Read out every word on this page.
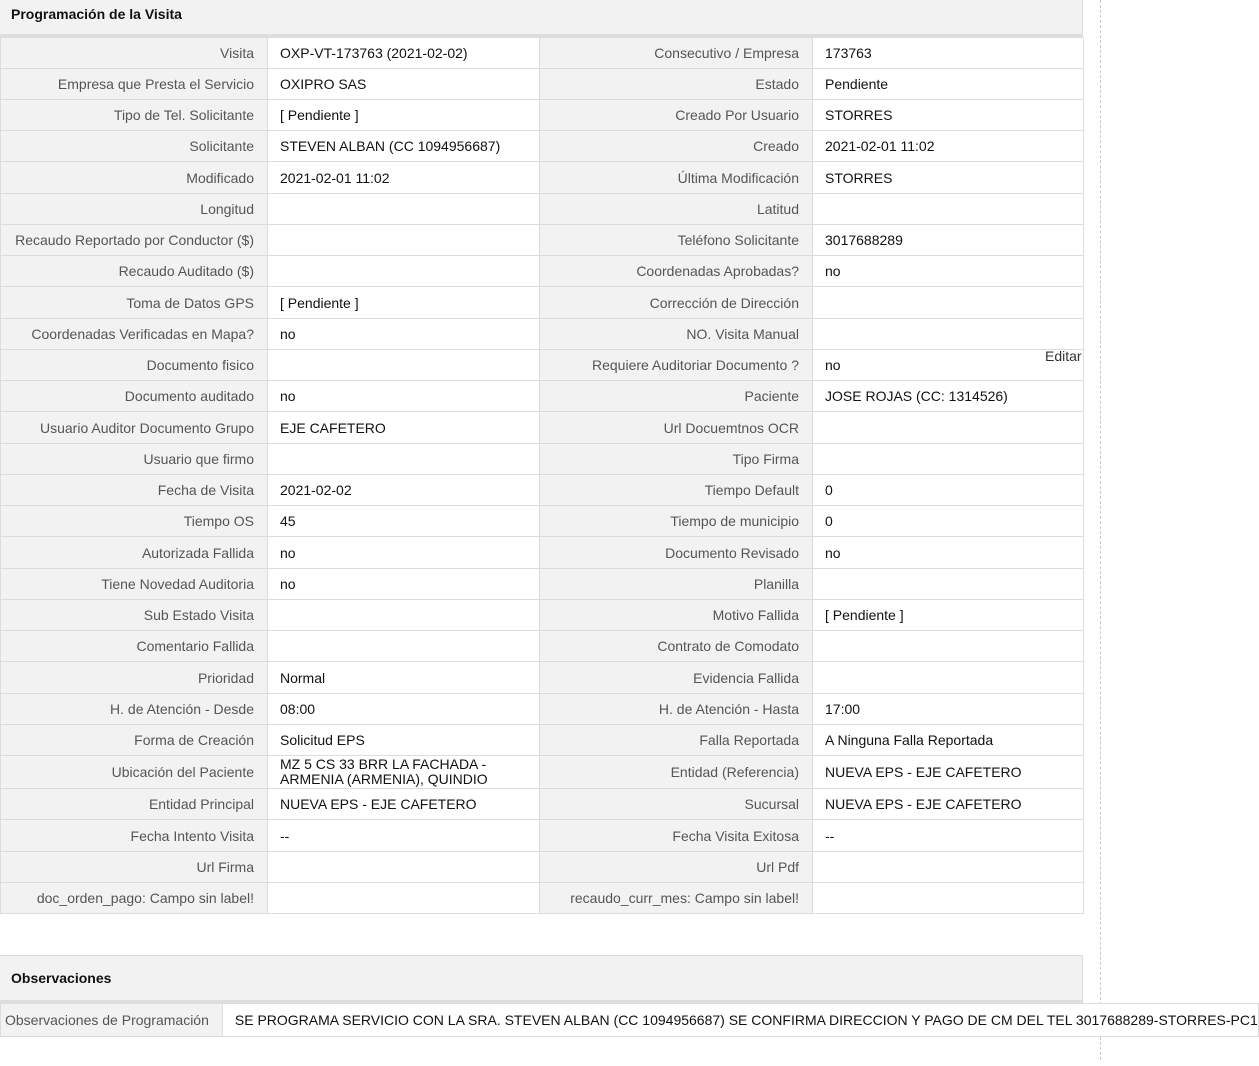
Programación de la Visita
Visita	OXP-VT-173763 (2021-02-02)	Consecutivo / Empresa	173763
Empresa que Presta el Servicio	OXIPRO SAS	Estado	Pendiente
Tipo de Tel. Solicitante	[ Pendiente ]	Creado Por Usuario	STORRES
Solicitante	STEVEN ALBAN (CC 1094956687)	Creado	2021-02-01 11:02
Modificado	2021-02-01 11:02	Última Modificación	STORRES
Longitud		Latitud	
Recaudo Reportado por Conductor ($)		Teléfono Solicitante	3017688289
Recaudo Auditado ($)		Coordenadas Aprobadas?	no
Toma de Datos GPS	[ Pendiente ]	Corrección de Dirección	
Coordenadas Verificadas en Mapa?	no	NO. Visita Manual	
Documento fisico		Requiere Auditoriar Documento ?	no
Documento auditado	no	Paciente	JOSE ROJAS (CC: 1314526)
Usuario Auditor Documento Grupo	EJE CAFETERO	Url Docuemtnos OCR	
Usuario que firmo		Tipo Firma	
Fecha de Visita	2021-02-02	Tiempo Default	0
Tiempo OS	45	Tiempo de municipio	0
Autorizada Fallida	no	Documento Revisado	no
Tiene Novedad Auditoria	no	Planilla	
Sub Estado Visita		Motivo Fallida	[ Pendiente ]
Comentario Fallida		Contrato de Comodato	
Prioridad	Normal	Evidencia Fallida	
H. de Atención - Desde	08:00	H. de Atención - Hasta	17:00
Forma de Creación	Solicitud EPS	Falla Reportada	A Ninguna Falla Reportada
Ubicación del Paciente	MZ 5 CS 33 BRR LA FACHADA - ARMENIA (ARMENIA), QUINDIO	Entidad (Referencia)	NUEVA EPS - EJE CAFETERO
Entidad Principal	NUEVA EPS - EJE CAFETERO	Sucursal	NUEVA EPS - EJE CAFETERO
Fecha Intento Visita	--	Fecha Visita Exitosa	--
Url Firma		Url Pdf	
doc_orden_pago: Campo sin label!		recaudo_curr_mes: Campo sin label!	
Editar
Observaciones
Observaciones de Programación	SE PROGRAMA SERVICIO CON LA SRA. STEVEN ALBAN (CC 1094956687) SE CONFIRMA DIRECCION Y PAGO DE CM DEL TEL 3017688289-STORRES-PC1
